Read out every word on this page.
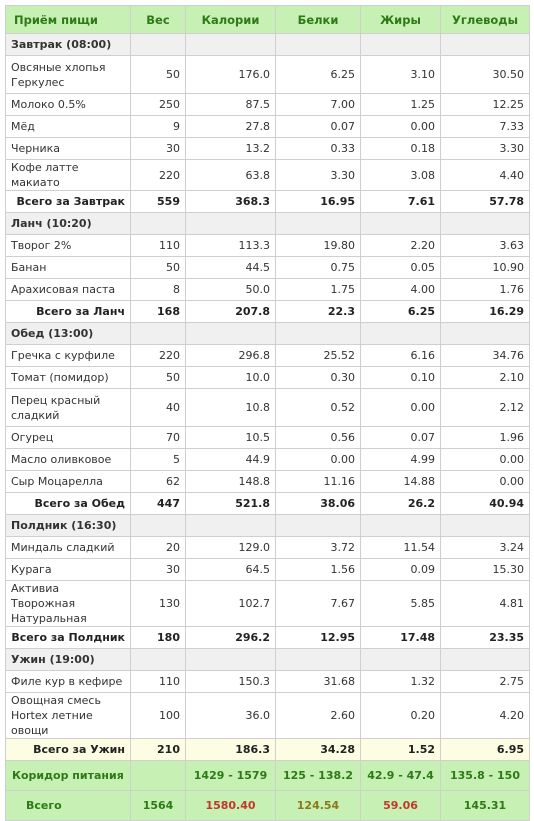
Приём пищи	Вес	Калории	Белки	Жиры	Углеводы
Завтрак (08:00)					
Овсяные хлопья Геркулес	50	176.0	6.25	3.10	30.50
Молоко 0.5%	250	87.5	7.00	1.25	12.25
Мёд	9	27.8	0.07	0.00	7.33
Черника	30	13.2	0.33	0.18	3.30
Кофе латте макиато	220	63.8	3.30	3.08	4.40
Всего за Завтрак	559	368.3	16.95	7.61	57.78
Ланч (10:20)					
Творог 2%	110	113.3	19.80	2.20	3.63
Банан	50	44.5	0.75	0.05	10.90
Арахисовая паста	8	50.0	1.75	4.00	1.76
Всего за Ланч	168	207.8	22.3	6.25	16.29
Обед (13:00)					
Гречка с курфиле	220	296.8	25.52	6.16	34.76
Томат (помидор)	50	10.0	0.30	0.10	2.10
Перец красный сладкий	40	10.8	0.52	0.00	2.12
Огурец	70	10.5	0.56	0.07	1.96
Масло оливковое	5	44.9	0.00	4.99	0.00
Сыр Моцарелла	62	148.8	11.16	14.88	0.00
Всего за Обед	447	521.8	38.06	26.2	40.94
Полдник (16:30)					
Миндаль сладкий	20	129.0	3.72	11.54	3.24
Курага	30	64.5	1.56	0.09	15.30
Активиа Творожная Натуральная	130	102.7	7.67	5.85	4.81
Всего за Полдник	180	296.2	12.95	17.48	23.35
Ужин (19:00)					
Филе кур в кефире	110	150.3	31.68	1.32	2.75
Овощная смесь Hortex летние овощи	100	36.0	2.60	0.20	4.20
Всего за Ужин	210	186.3	34.28	1.52	6.95
Коридор питания		1429 - 1579	125 - 138.2	42.9 - 47.4	135.8 - 150
Всего	1564	1580.40	124.54	59.06	145.31
